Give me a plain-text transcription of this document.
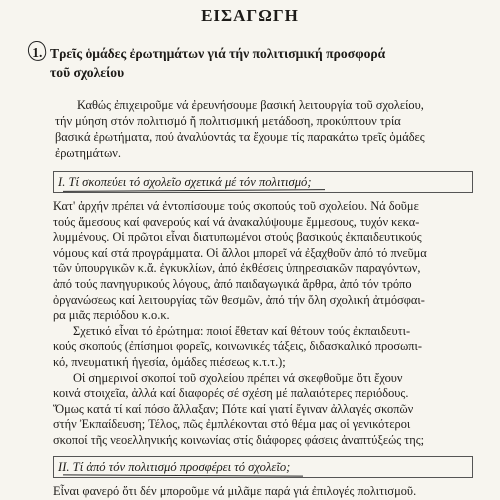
ΕΙΣΑΓΩΓΗ
1. Τρεῖς ὁμάδες ἐρωτημάτων γιά τήν πολιτισμική προσφορά
τοῦ σχολείου
Καθώς ἐπιχειροῦμε νά ἐρευνήσουμε βασική λειτουργία τοῦ σχολείου,
τήν μύηση στόν πολιτισμό ἤ πολιτισμική μετάδοση, προκύπτουν τρία
βασικά ἐρωτήματα, πού ἀναλύοντάς τα ἔχουμε τίς παρακάτω τρεῖς ὁμάδες
ἐρωτημάτων.
I. Τί σκοπεύει τό σχολεῖο σχετικά μέ τόν πολιτισμό;
Κατ' ἀρχήν πρέπει νά ἐντοπίσουμε τούς σκοπούς τοῦ σχολείου. Νά δοῦμε
τούς ἄμεσους καί φανερούς καί νά ἀνακαλύψουμε ἔμμεσους, τυχόν κεκα-
λυμμένους. Οἱ πρῶτοι εἶναι διατυπωμένοι στούς βασικούς ἐκπαιδευτικούς
νόμους καί στά προγράμματα. Οἱ ἄλλοι μπορεῖ νά ἐξαχθοῦν ἀπό τό πνεῦμα
τῶν ὑπουργικῶν κ.ἄ. ἐγκυκλίων, ἀπό ἐκθέσεις ὑπηρεσιακῶν παραγόντων,
ἀπό τούς πανηγυρικούς λόγους, ἀπό παιδαγωγικά ἄρθρα, ἀπό τόν τρόπο
ὀργανώσεως καί λειτουργίας τῶν θεσμῶν, ἀπό τήν ὅλη σχολική ἀτμόσφαι-
ρα μιᾶς περιόδου κ.ο.κ.
Σχετικό εἶναι τό ἐρώτημα: ποιοί ἔθεταν καί θέτουν τούς ἐκπαιδευτι-
κούς σκοπούς (ἐπίσημοι φορεῖς, κοινωνικές τάξεις, διδασκαλικό προσωπι-
κό, πνευματική ἡγεσία, ὁμάδες πιέσεως κ.τ.τ.);
Οἱ σημερινοί σκοποί τοῦ σχολείου πρέπει νά σκεφθοῦμε ὅτι ἔχουν
κοινά στοιχεῖα, ἀλλά καί διαφορές σέ σχέση μέ παλαιότερες περιόδους.
Ὅμως κατά τί καί πόσο ἄλλαξαν; Πότε καί γιατί ἔγιναν ἀλλαγές σκοπῶν
στήν Ἐκπαίδευση; Τέλος, πῶς ἐμπλέκονται στό θέμα μας οἱ γενικότεροι
σκοποί τῆς νεοελληνικής κοινωνίας στίς διάφορες φάσεις ἀναπτύξεώς της;
II. Τί ἀπό τόν πολιτισμό προσφέρει τό σχολεῖο;
Εἶναι φανερό ὅτι δέν μποροῦμε νά μιλᾶμε παρά γιά ἐπιλογές πολιτισμοῦ.
